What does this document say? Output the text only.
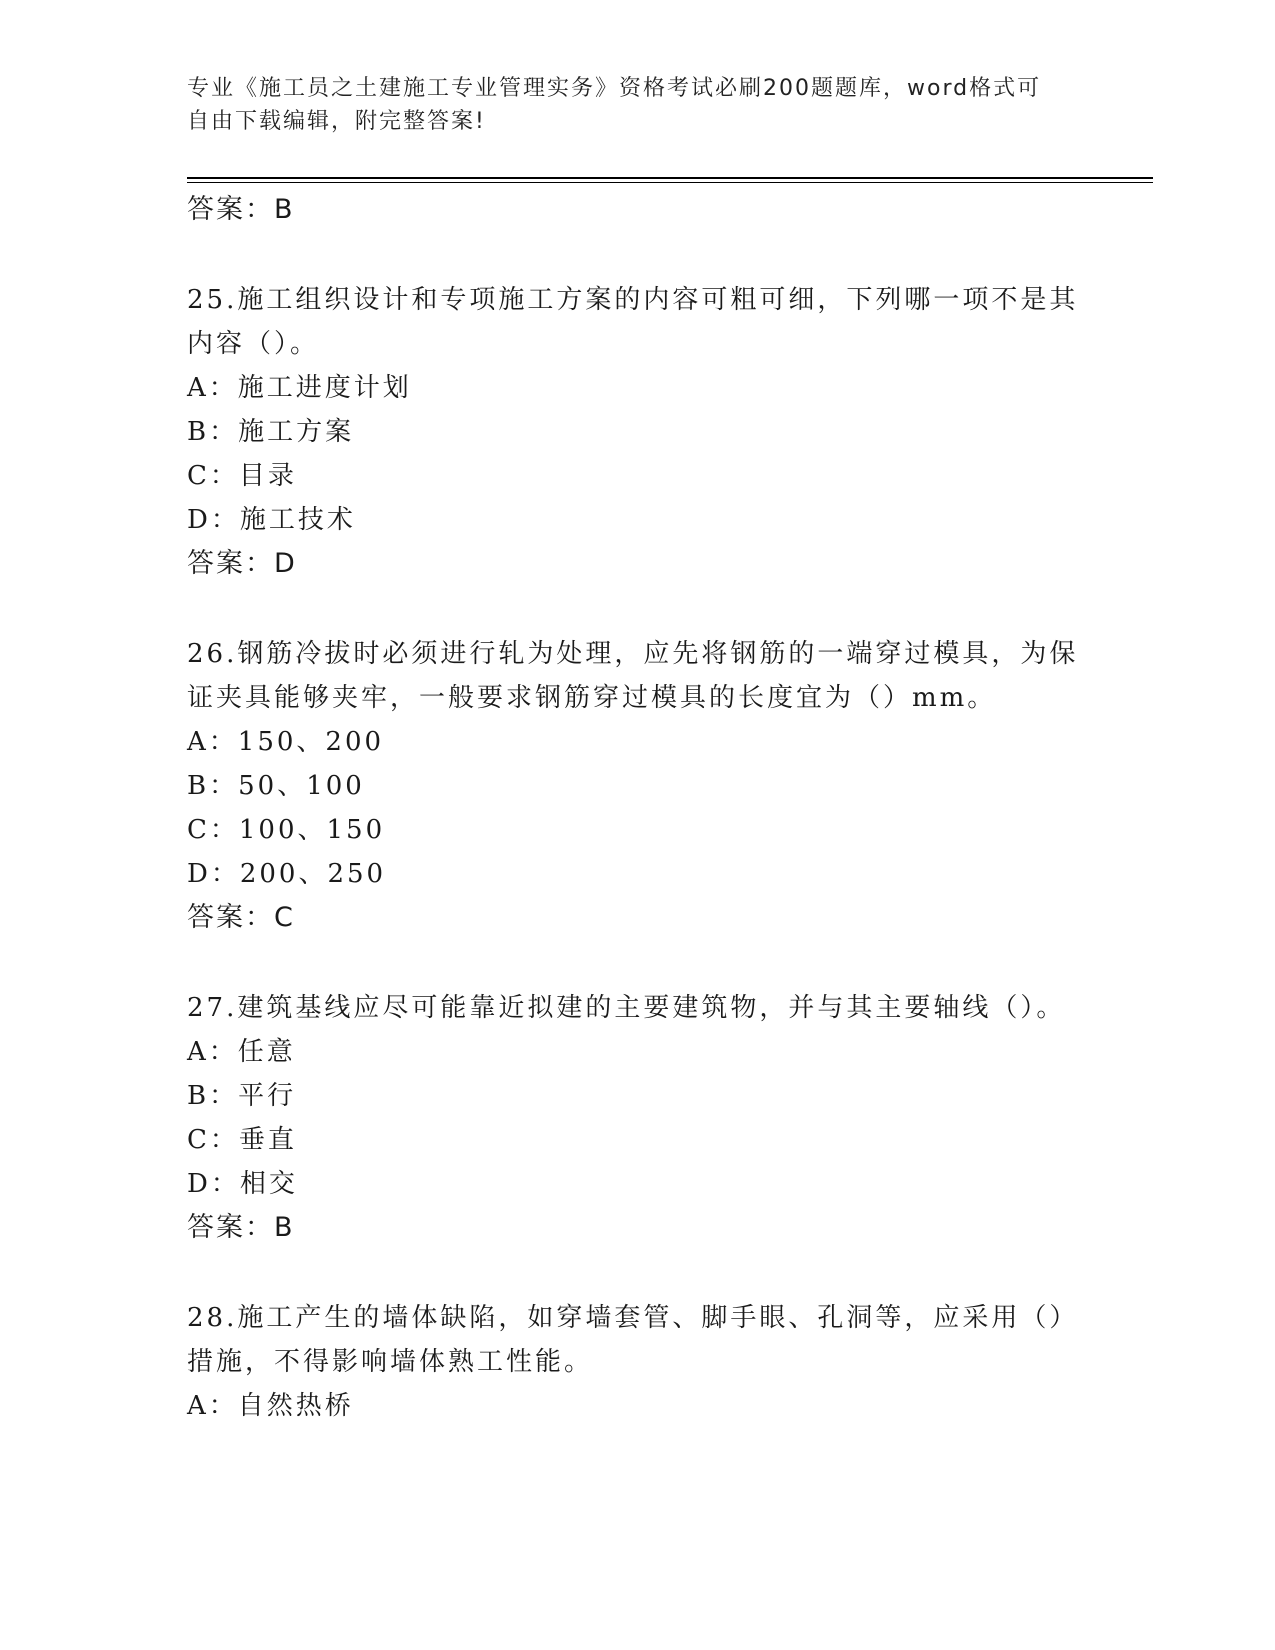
专业《施工员之土建施工专业管理实务》资格考试必刷200题题库，word格式可
自由下载编辑，附完整答案!
答案：B
25.施工组织设计和专项施工方案的内容可粗可细，下列哪一项不是其
内容（）。
A：施工进度计划
B：施工方案
C：目录
D：施工技术
答案：D
26.钢筋冷拔时必须进行轧为处理，应先将钢筋的一端穿过模具，为保
证夹具能够夹牢，一般要求钢筋穿过模具的长度宜为（）mm。
A：150、200
B：50、100
C：100、150
D：200、250
答案：C
27.建筑基线应尽可能靠近拟建的主要建筑物，并与其主要轴线（）。
A：任意
B：平行
C：垂直
D：相交
答案：B
28.施工产生的墙体缺陷，如穿墙套管、脚手眼、孔洞等，应采用（）
措施，不得影响墙体熟工性能。
A：自然热桥
